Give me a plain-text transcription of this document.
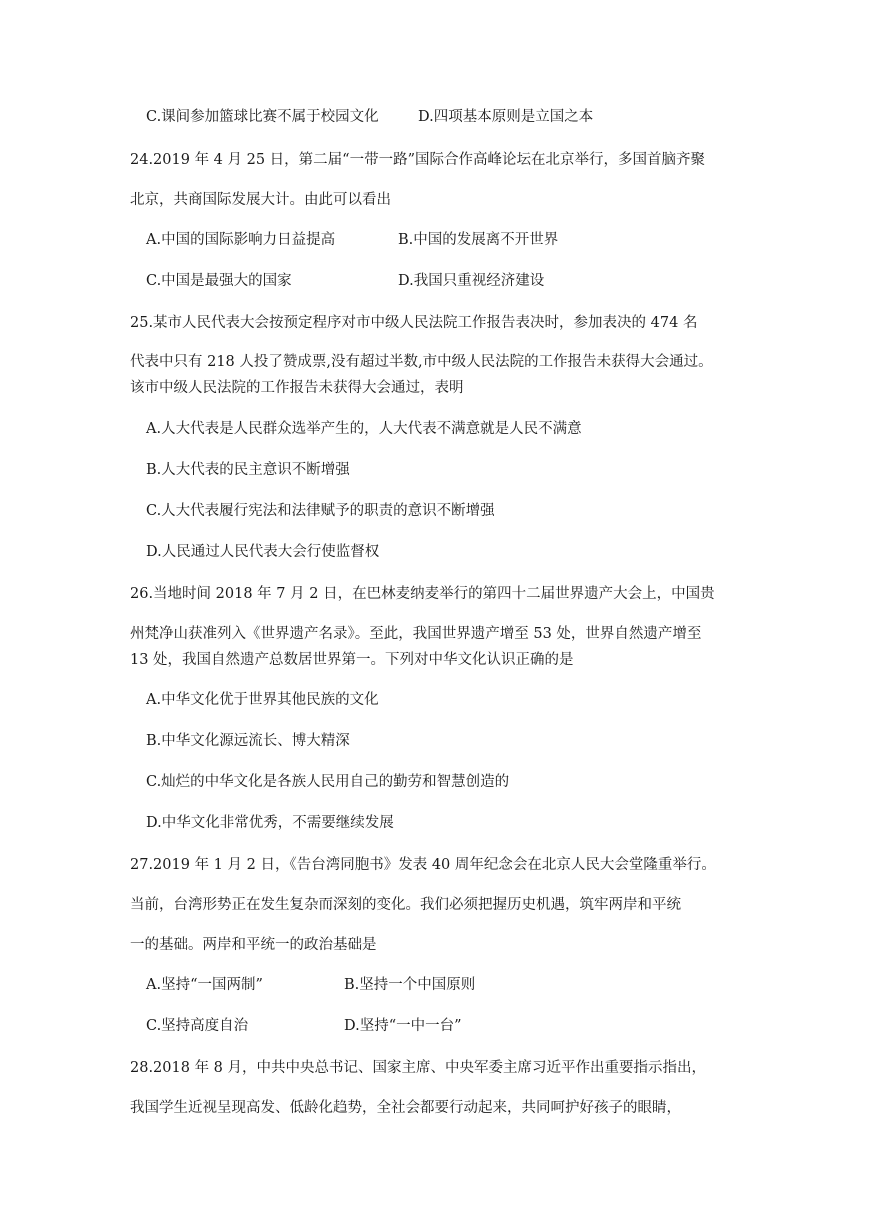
C.课间参加篮球比赛不属于校园文化	D.四项基本原则是立国之本
24.2019 年 4 月 25 日，第二届“一带一路”国际合作高峰论坛在北京举行，多国首脑齐聚
北京，共商国际发展大计。由此可以看出
A.中国的国际影响力日益提高	B.中国的发展离不开世界
C.中国是最强大的国家	D.我国只重视经济建设
25.某市人民代表大会按预定程序对市中级人民法院工作报告表决时，参加表决的 474 名
代表中只有 218 人投了赞成票,没有超过半数,市中级人民法院的工作报告未获得大会通过。
该市中级人民法院的工作报告未获得大会通过，表明
A.人大代表是人民群众选举产生的，人大代表不满意就是人民不满意
B.人大代表的民主意识不断增强
C.人大代表履行宪法和法律赋予的职责的意识不断增强
D.人民通过人民代表大会行使监督权
26.当地时间 2018 年 7 月 2 日，在巴林麦纳麦举行的第四十二届世界遗产大会上，中国贵
州梵净山获准列入《世界遗产名录》。至此，我国世界遗产增至 53 处，世界自然遗产增至
13 处，我国自然遗产总数居世界第一。下列对中华文化认识正确的是
A.中华文化优于世界其他民族的文化
B.中华文化源远流长、博大精深
C.灿烂的中华文化是各族人民用自己的勤劳和智慧创造的
D.中华文化非常优秀，不需要继续发展
27.2019 年 1 月 2 日，《告台湾同胞书》发表 40 周年纪念会在北京人民大会堂隆重举行。
当前，台湾形势正在发生复杂而深刻的变化。我们必须把握历史机遇，筑牢两岸和平统
一的基础。两岸和平统一的政治基础是
A.坚持“一国两制”	B.坚持一个中国原则
C.坚持高度自治	D.坚持“一中一台”
28.2018 年 8 月，中共中央总书记、国家主席、中央军委主席习近平作出重要指示指出，
我国学生近视呈现高发、低龄化趋势，全社会都要行动起来，共同呵护好孩子的眼睛，
